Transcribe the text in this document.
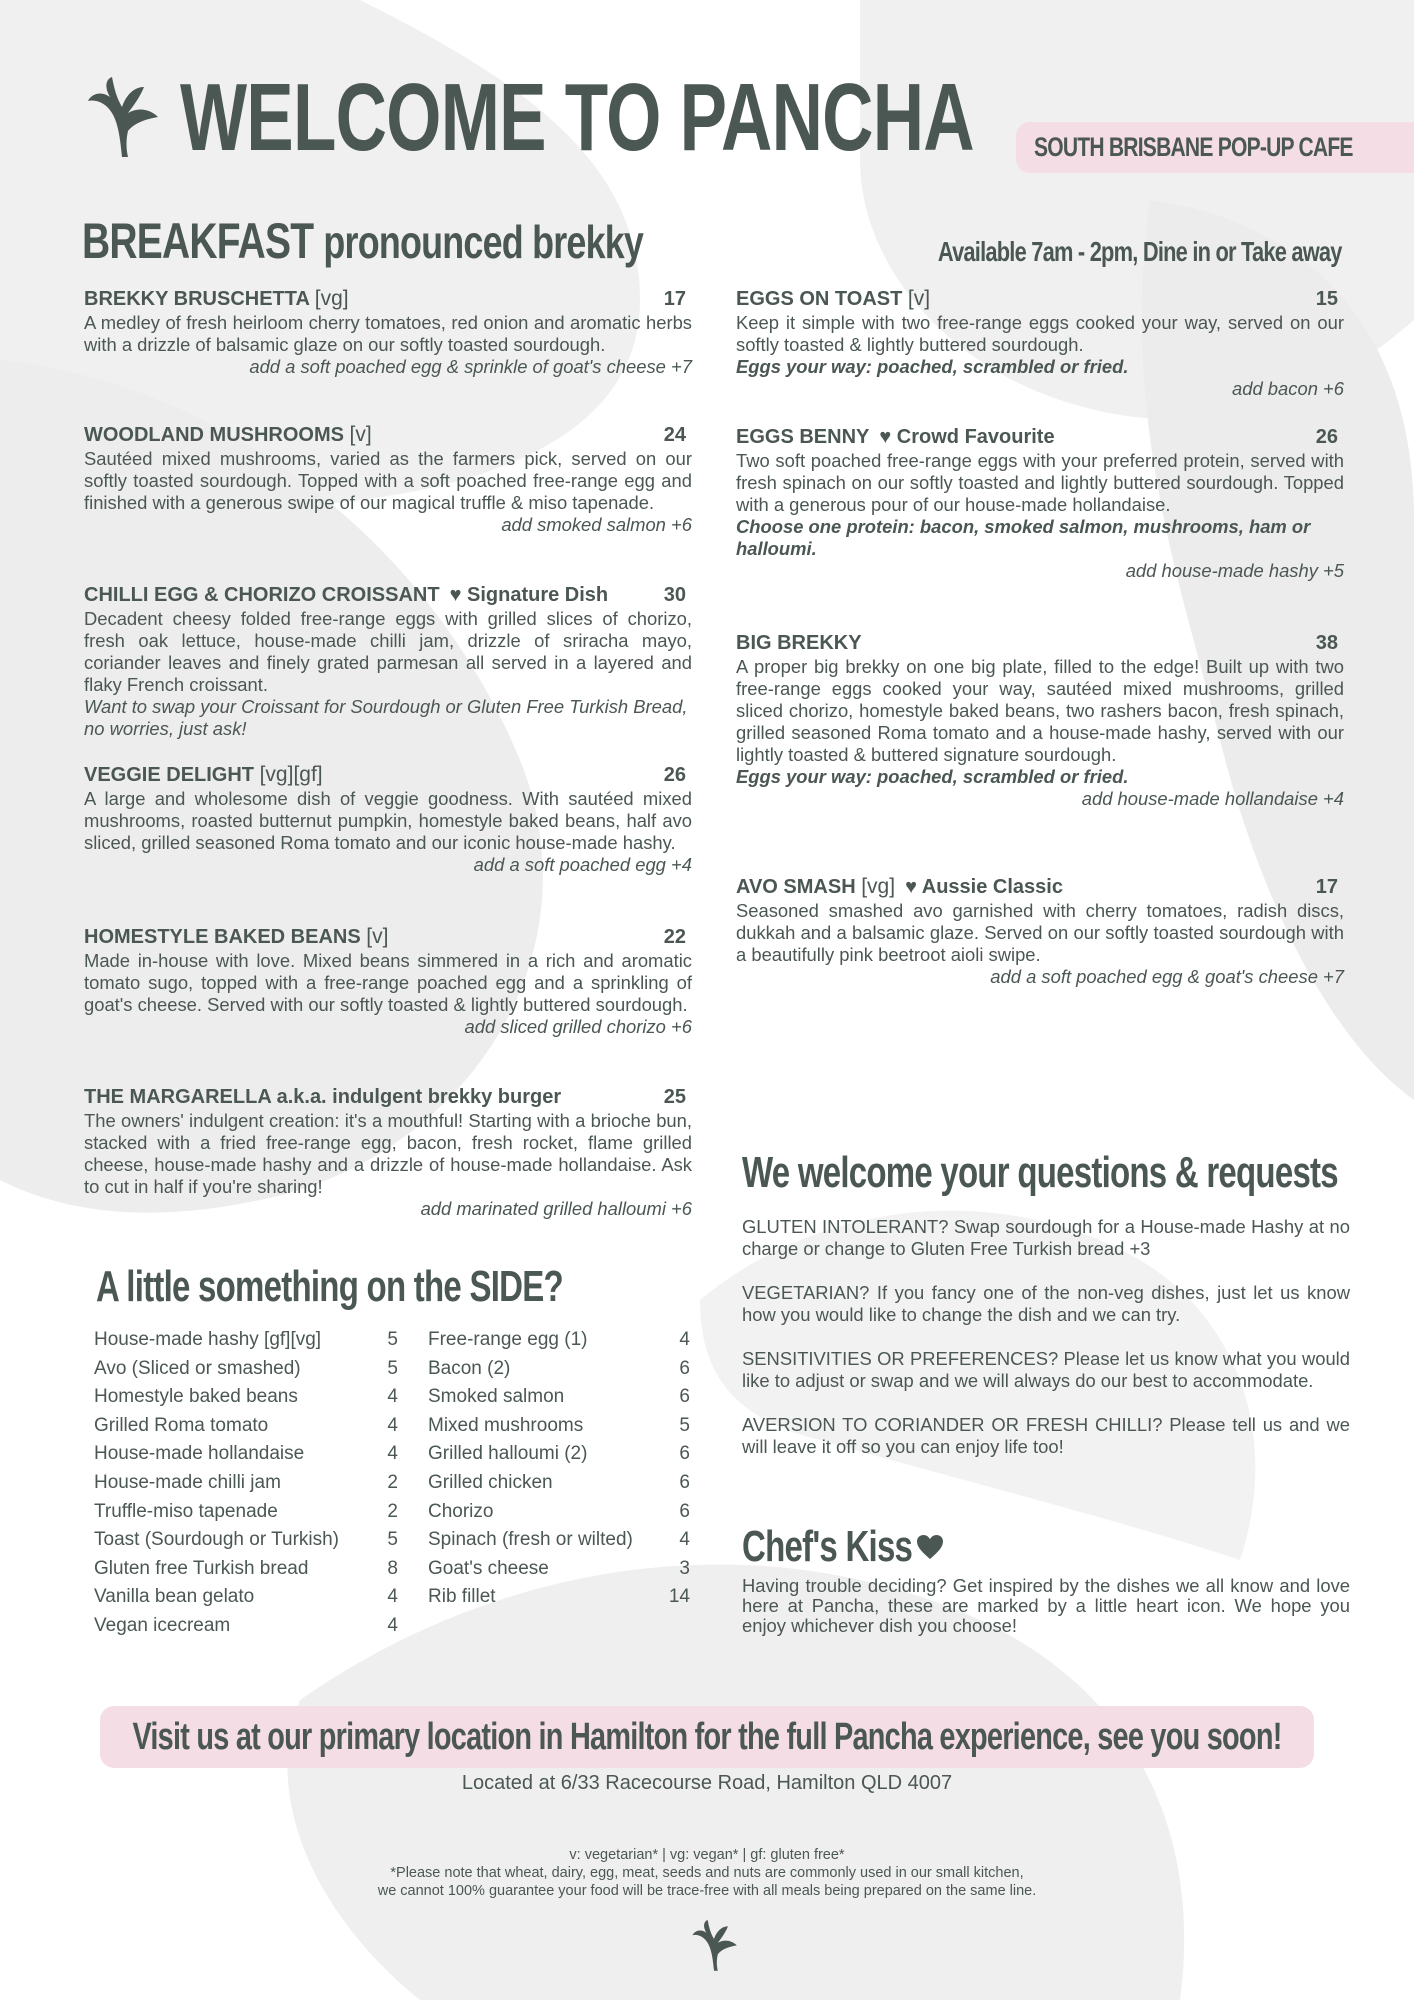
WELCOME TO PANCHA	SOUTH BRISBANE POP-UP CAFE
BREAKFAST pronounced brekky	Available 7am - 2pm, Dine in or Take away
BREKKY BRUSCHETTA [vg]	17
A medley of fresh heirloom cherry tomatoes, red onion and aromatic herbs with a drizzle of balsamic glaze on our softly toasted sourdough.
add a soft poached egg & sprinkle of goat's cheese +7
WOODLAND MUSHROOMS [v]	24
Sautéed mixed mushrooms, varied as the farmers pick, served on our softly toasted sourdough. Topped with a soft poached free-range egg and finished with a generous swipe of our magical truffle & miso tapenade.
add smoked salmon +6
CHILLI EGG & CHORIZO CROISSANT ♥ Signature Dish	30
Decadent cheesy folded free-range eggs with grilled slices of chorizo, fresh oak lettuce, house-made chilli jam, drizzle of sriracha mayo, coriander leaves and finely grated parmesan all served in a layered and flaky French croissant.
Want to swap your Croissant for Sourdough or Gluten Free Turkish Bread, no worries, just ask!
VEGGIE DELIGHT [vg][gf]	26
A large and wholesome dish of veggie goodness. With sautéed mixed mushrooms, roasted butternut pumpkin, homestyle baked beans, half avo sliced, grilled seasoned Roma tomato and our iconic house-made hashy.
add a soft poached egg +4
HOMESTYLE BAKED BEANS [v]	22
Made in-house with love. Mixed beans simmered in a rich and aromatic tomato sugo, topped with a free-range poached egg and a sprinkling of goat's cheese. Served with our softly toasted & lightly buttered sourdough.
add sliced grilled chorizo +6
THE MARGARELLA a.k.a. indulgent brekky burger	25
The owners' indulgent creation: it's a mouthful! Starting with a brioche bun, stacked with a fried free-range egg, bacon, fresh rocket, flame grilled cheese, house-made hashy and a drizzle of house-made hollandaise. Ask to cut in half if you're sharing!
add marinated grilled halloumi +6
EGGS ON TOAST [v]	15
Keep it simple with two free-range eggs cooked your way, served on our softly toasted & lightly buttered sourdough.
Eggs your way: poached, scrambled or fried.
add bacon +6
EGGS BENNY ♥ Crowd Favourite	26
Two soft poached free-range eggs with your preferred protein, served with fresh spinach on our softly toasted and lightly buttered sourdough. Topped with a generous pour of our house-made hollandaise.
Choose one protein: bacon, smoked salmon, mushrooms, ham or halloumi.
add house-made hashy +5
BIG BREKKY	38
A proper big brekky on one big plate, filled to the edge! Built up with two free-range eggs cooked your way, sautéed mixed mushrooms, grilled sliced chorizo, homestyle baked beans, two rashers bacon, fresh spinach, grilled seasoned Roma tomato and a house-made hashy, served with our lightly toasted & buttered signature sourdough.
Eggs your way: poached, scrambled or fried.
add house-made hollandaise +4
AVO SMASH [vg] ♥ Aussie Classic	17
Seasoned smashed avo garnished with cherry tomatoes, radish discs, dukkah and a balsamic glaze. Served on our softly toasted sourdough with a beautifully pink beetroot aioli swipe.
add a soft poached egg & goat's cheese +7
A little something on the SIDE?
House-made hashy [gf][vg]	5
Avo (Sliced or smashed)	5
Homestyle baked beans	4
Grilled Roma tomato	4
House-made hollandaise	4
House-made chilli jam	2
Truffle-miso tapenade	2
Toast (Sourdough or Turkish)	5
Gluten free Turkish bread	8
Vanilla bean gelato	4
Vegan icecream	4
Free-range egg (1)	4
Bacon (2)	6
Smoked salmon	6
Mixed mushrooms	5
Grilled halloumi (2)	6
Grilled chicken	6
Chorizo	6
Spinach (fresh or wilted) 4
Goat's cheese	3
Rib fillet	14
We welcome your questions & requests

GLUTEN INTOLERANT? Swap sourdough for a House-made Hashy at no charge or change to Gluten Free Turkish bread +3

VEGETARIAN? If you fancy one of the non-veg dishes, just let us know how you would like to change the dish and we can try.

SENSITIVITIES OR PREFERENCES? Please let us know what you would like to adjust or swap and we will always do our best to accommodate.

AVERSION TO CORIANDER OR FRESH CHILLI? Please tell us and we will leave it off so you can enjoy life too!

Chef's Kiss

Having trouble deciding? Get inspired by the dishes we all know and love here at Pancha, these are marked by a little heart icon. We hope you enjoy whichever dish you choose!

Visit us at our primary location in Hamilton for the full Pancha experience, see you soon!
Located at 6/33 Racecourse Road, Hamilton QLD 4007
v: vegetarian* | vg: vegan* | gf: gluten free*
*Please note that wheat, dairy, egg, meat, seeds and nuts are commonly used in our small kitchen,
we cannot 100% guarantee your food will be trace-free with all meals being prepared on the same line.
